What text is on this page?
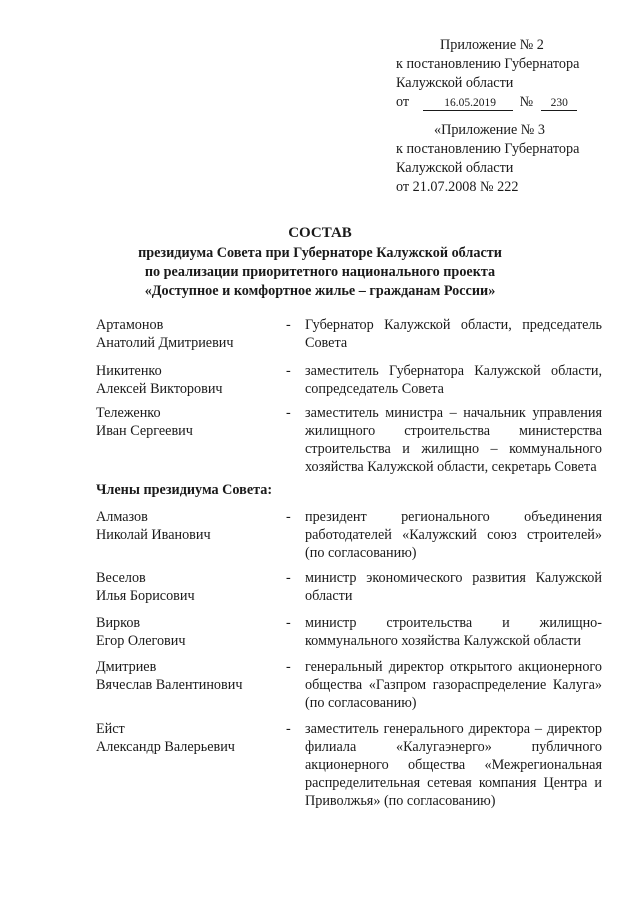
Приложение № 2
к постановлению Губернатора
Калужской области
от	16.05.2019 № 230
«Приложение № 3
к постановлению Губернатора
Калужской области
от 21.07.2008 № 222
СОСТАВ
президиума Совета при Губернаторе Калужской области
по реализации приоритетного национального проекта
«Доступное и комфортное жилье – гражданам России»
Артамонов
Анатолий Дмитриевич
-	Губернатор Калужской области, председатель Совета
Никитенко
Алексей Викторович
-	заместитель Губернатора Калужской области, сопредседатель Совета
Тележенко
Иван Сергеевич
-	заместитель министра – начальник управления жилищного строительства министерства строительства и жилищно – коммунального хозяйства Калужской области, секретарь Совета
Члены президиума Совета:
Алмазов
Николай Иванович
-	президент регионального объединения работодателей «Калужский союз строителей» (по согласованию)
Веселов
Илья Борисович
-	министр экономического развития Калужской области
Вирков
Егор Олегович
-	министр строительства и жилищно-коммунального хозяйства Калужской области
Дмитриев
Вячеслав Валентинович
-	генеральный директор открытого акционерного общества «Газпром газораспределение Калуга» (по согласованию)
Ейст
Александр Валерьевич
-	заместитель генерального директора – директор филиала «Калугаэнерго» публичного акционерного общества «Межрегиональная распределительная сетевая компания Центра и Приволжья» (по согласованию)
